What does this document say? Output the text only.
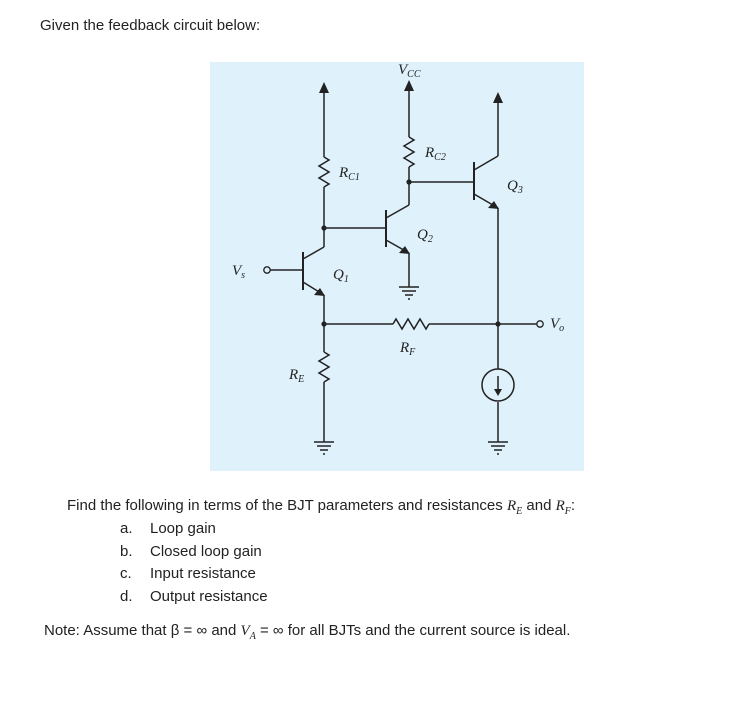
Given the feedback circuit below:
$V_{CC}$
$R_{C1}$
$R_{C2}$
$Q_1$
$Q_2$
$Q_3$
$V_s$
$V_o$
$R_F$
$R_E$
Find the following in terms of the BJT parameters and resistances $R_E$ and $R_F$:
a. Loop gain
b. Closed loop gain
c. Input resistance
d. Output resistance
Note: Assume that β = ∞ and $V_A$ = ∞ for all BJTs and the current source is ideal.
